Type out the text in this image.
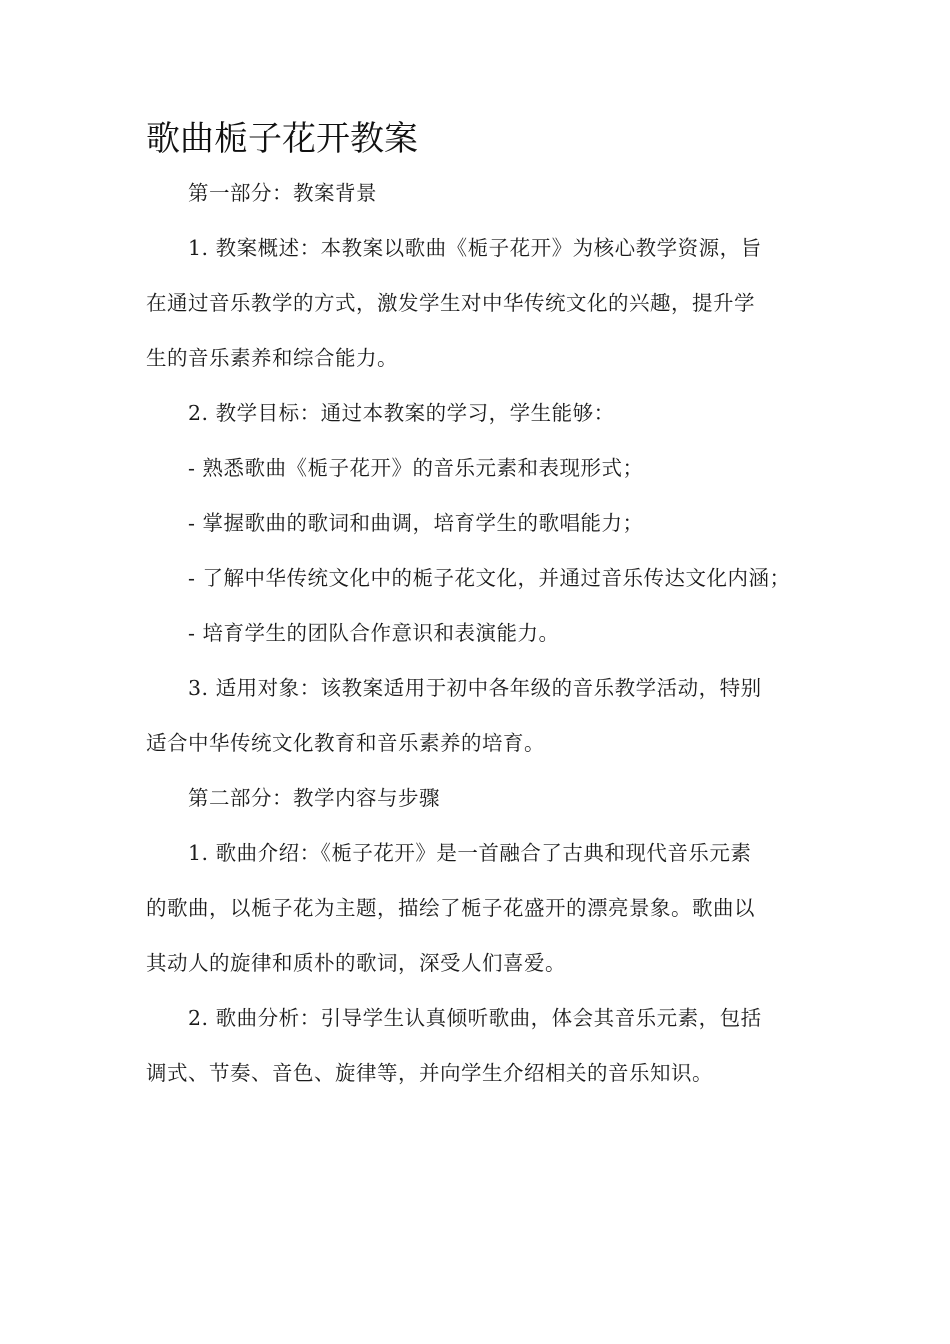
歌曲栀子花开教案

第一部分：教案背景

1. 教案概述：本教案以歌曲《栀子花开》为核心教学资源，旨
在通过音乐教学的方式，激发学生对中华传统文化的兴趣，提升学
生的音乐素养和综合能力。

2. 教学目标：通过本教案的学习，学生能够：

- 熟悉歌曲《栀子花开》的音乐元素和表现形式；

- 掌握歌曲的歌词和曲调，培育学生的歌唱能力；

- 了解中华传统文化中的栀子花文化，并通过音乐传达文化内涵；

- 培育学生的团队合作意识和表演能力。

3. 适用对象：该教案适用于初中各年级的音乐教学活动，特别
适合中华传统文化教育和音乐素养的培育。

第二部分：教学内容与步骤

1. 歌曲介绍：《栀子花开》是一首融合了古典和现代音乐元素
的歌曲，以栀子花为主题，描绘了栀子花盛开的漂亮景象。歌曲以
其动人的旋律和质朴的歌词，深受人们喜爱。

2. 歌曲分析：引导学生认真倾听歌曲，体会其音乐元素，包括
调式、节奏、音色、旋律等，并向学生介绍相关的音乐知识。
